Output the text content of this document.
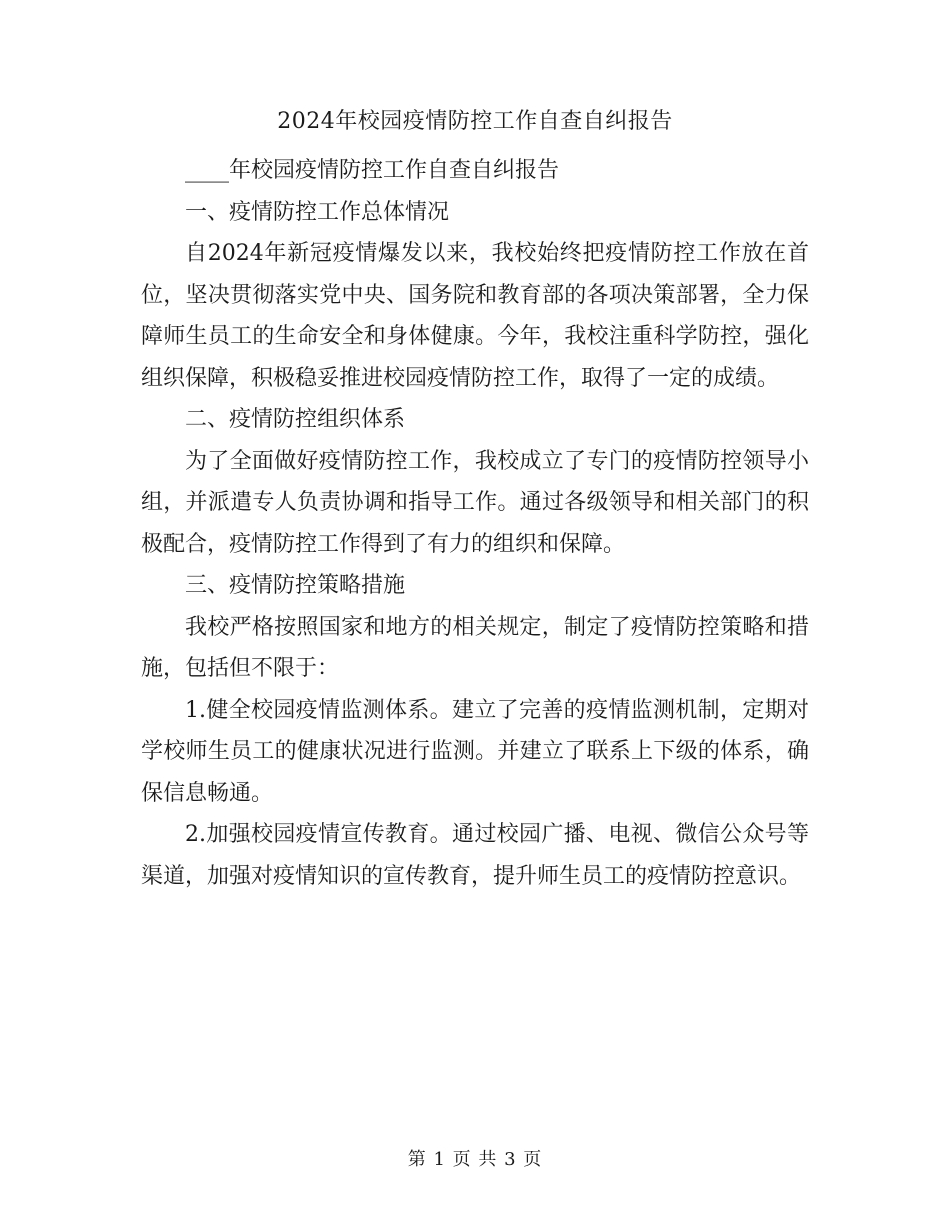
2024年校园疫情防控工作自查自纠报告

____年校园疫情防控工作自查自纠报告

一、疫情防控工作总体情况

自2024年新冠疫情爆发以来，我校始终把疫情防控工作放在首位，坚决贯彻落实党中央、国务院和教育部的各项决策部署，全力保障师生员工的生命安全和身体健康。今年，我校注重科学防控，强化组织保障，积极稳妥推进校园疫情防控工作，取得了一定的成绩。

二、疫情防控组织体系

为了全面做好疫情防控工作，我校成立了专门的疫情防控领导小组，并派遣专人负责协调和指导工作。通过各级领导和相关部门的积极配合，疫情防控工作得到了有力的组织和保障。

三、疫情防控策略措施

我校严格按照国家和地方的相关规定，制定了疫情防控策略和措施，包括但不限于：

1.健全校园疫情监测体系。建立了完善的疫情监测机制，定期对学校师生员工的健康状况进行监测。并建立了联系上下级的体系，确保信息畅通。

2.加强校园疫情宣传教育。通过校园广播、电视、微信公众号等渠道，加强对疫情知识的宣传教育，提升师生员工的疫情防控意识。

第 1 页 共 3 页
